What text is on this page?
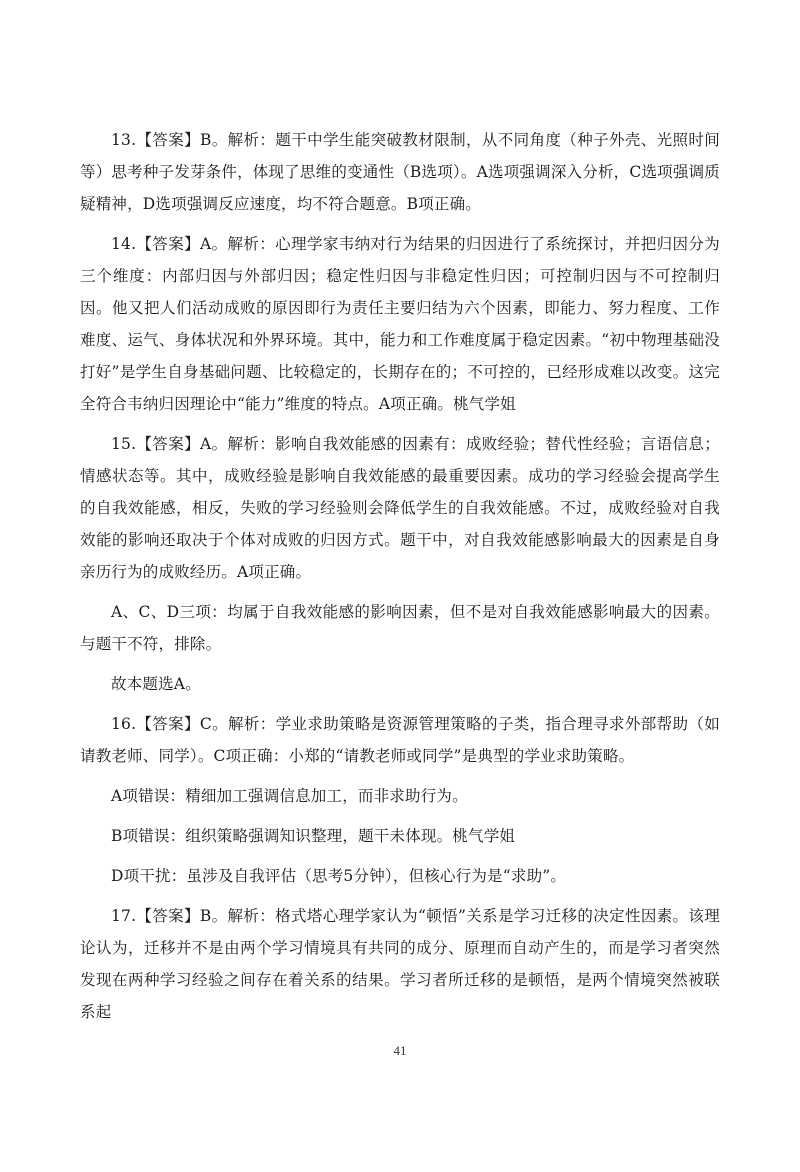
13.【答案】B。解析：题干中学生能突破教材限制，从不同角度（种子外壳、光照时间等）思考种子发芽条件，体现了思维的变通性（B选项）。A选项强调深入分析，C选项强调质疑精神，D选项强调反应速度，均不符合题意。B项正确。

14.【答案】A。解析：心理学家韦纳对行为结果的归因进行了系统探讨，并把归因分为三个维度：内部归因与外部归因；稳定性归因与非稳定性归因；可控制归因与不可控制归因。他又把人们活动成败的原因即行为责任主要归结为六个因素，即能力、努力程度、工作难度、运气、身体状况和外界环境。其中，能力和工作难度属于稳定因素。“初中物理基础没打好”是学生自身基础问题、比较稳定的，长期存在的；不可控的，已经形成难以改变。这完全符合韦纳归因理论中“能力”维度的特点。A项正确。桃气学姐

15.【答案】A。解析：影响自我效能感的因素有：成败经验；替代性经验；言语信息；情感状态等。其中，成败经验是影响自我效能感的最重要因素。成功的学习经验会提高学生的自我效能感，相反，失败的学习经验则会降低学生的自我效能感。不过，成败经验对自我效能的影响还取决于个体对成败的归因方式。题干中，对自我效能感影响最大的因素是自身亲历行为的成败经历。A项正确。

A、C、D三项：均属于自我效能感的影响因素，但不是对自我效能感影响最大的因素。与题干不符，排除。

故本题选A。

16.【答案】C。解析：学业求助策略是资源管理策略的子类，指合理寻求外部帮助（如请教老师、同学）。C项正确：小郑的“请教老师或同学”是典型的学业求助策略。

A项错误：精细加工强调信息加工，而非求助行为。

B项错误：组织策略强调知识整理，题干未体现。桃气学姐

D项干扰：虽涉及自我评估（思考5分钟），但核心行为是“求助”。

17.【答案】B。解析：格式塔心理学家认为“顿悟”关系是学习迁移的决定性因素。该理论认为，迁移并不是由两个学习情境具有共同的成分、原理而自动产生的，而是学习者突然发现在两种学习经验之间存在着关系的结果。学习者所迁移的是顿悟，是两个情境突然被联系起

41
